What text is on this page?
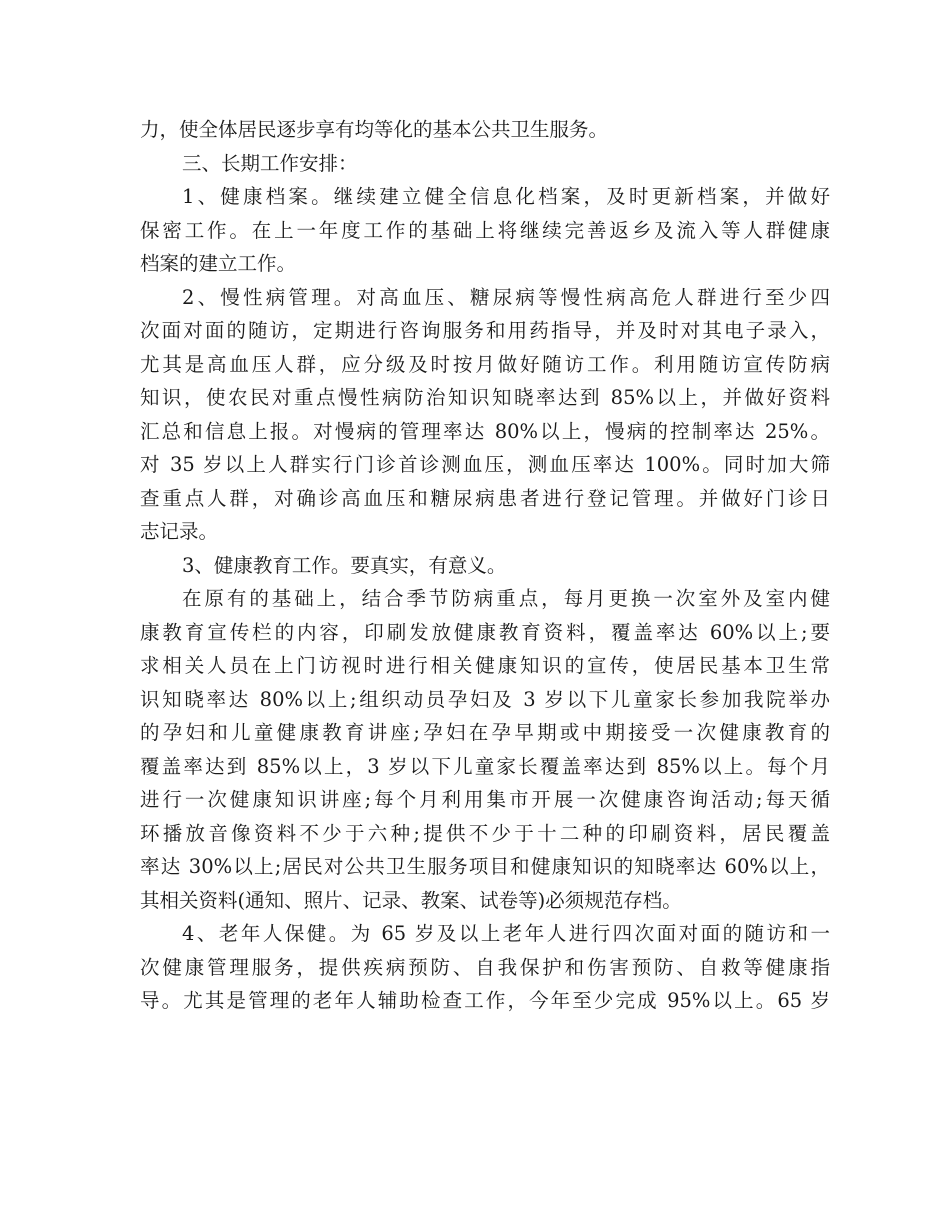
力，使全体居民逐步享有均等化的基本公共卫生服务。
三、长期工作安排：
1、健康档案。继续建立健全信息化档案，及时更新档案，并做好
保密工作。在上一年度工作的基础上将继续完善返乡及流入等人群健康
档案的建立工作。
2、慢性病管理。对高血压、糖尿病等慢性病高危人群进行至少四
次面对面的随访，定期进行咨询服务和用药指导，并及时对其电子录入，
尤其是高血压人群，应分级及时按月做好随访工作。利用随访宣传防病
知识，使农民对重点慢性病防治知识知晓率达到 85%以上，并做好资料
汇总和信息上报。对慢病的管理率达 80%以上，慢病的控制率达 25%。
对 35 岁以上人群实行门诊首诊测血压，测血压率达 100%。同时加大筛
查重点人群，对确诊高血压和糖尿病患者进行登记管理。并做好门诊日
志记录。
3、健康教育工作。要真实，有意义。
在原有的基础上，结合季节防病重点，每月更换一次室外及室内健
康教育宣传栏的内容，印刷发放健康教育资料，覆盖率达 60%以上;要
求相关人员在上门访视时进行相关健康知识的宣传，使居民基本卫生常
识知晓率达 80%以上;组织动员孕妇及 3 岁以下儿童家长参加我院举办
的孕妇和儿童健康教育讲座;孕妇在孕早期或中期接受一次健康教育的
覆盖率达到 85%以上，3 岁以下儿童家长覆盖率达到 85%以上。每个月
进行一次健康知识讲座;每个月利用集市开展一次健康咨询活动;每天循
环播放音像资料不少于六种;提供不少于十二种的印刷资料，居民覆盖
率达 30%以上;居民对公共卫生服务项目和健康知识的知晓率达 60%以上，
其相关资料(通知、照片、记录、教案、试卷等)必须规范存档。
4、老年人保健。为 65 岁及以上老年人进行四次面对面的随访和一
次健康管理服务，提供疾病预防、自我保护和伤害预防、自救等健康指
导。尤其是管理的老年人辅助检查工作，今年至少完成 95%以上。65 岁
